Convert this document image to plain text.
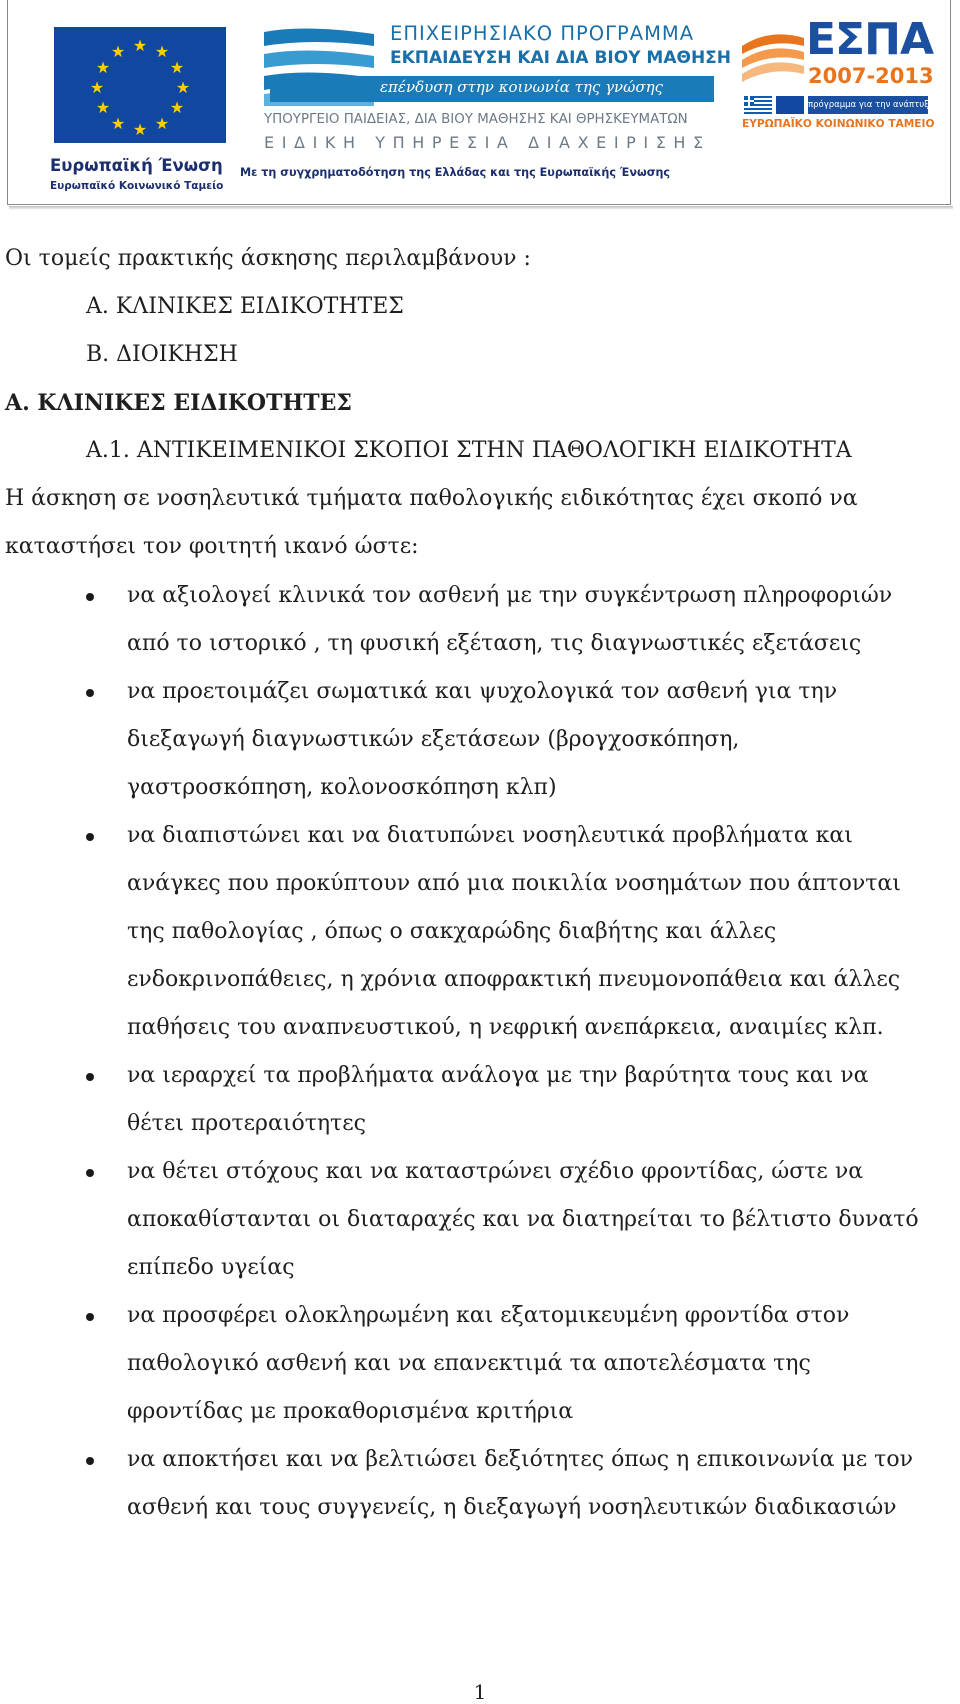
★ ★
★
★
★
★
★
★
★
★
★
★
Ευρωπαϊκή Ένωση
Ευρωπαϊκό Κοινωνικό Ταμείο
ΕΠΙΧΕΙΡΗΣΙΑΚΟ ΠΡΟΓΡΑΜΜΑ
ΕΚΠΑΙΔΕΥΣΗ ΚΑΙ ΔΙΑ ΒΙΟΥ ΜΑΘΗΣΗ
επένδυση στην κοινωνία της γνώσης
ΥΠΟΥΡΓΕΙΟ ΠΑΙΔΕΙΑΣ, ΔΙΑ ΒΙΟΥ ΜΑΘΗΣΗΣ ΚΑΙ ΘΡΗΣΚΕΥΜΑΤΩΝ
ΕΙΔΙΚΗ ΥΠΗΡΕΣΙΑ ΔΙΑΧΕΙΡΙΣΗΣ
Με τη συγχρηματοδότηση της Ελλάδας και της Ευρωπαϊκής Ένωσης
ΕΣΠΑ
2007-2013
πρόγραμμα για την ανάπτυξη
ΕΥΡΩΠΑΪΚΟ ΚΟΙΝΩΝΙΚΟ ΤΑΜΕΙΟ
Οι τομείς πρακτικής άσκησης περιλαμβάνουν :
Α. ΚΛΙΝΙΚΕΣ ΕΙΔΙΚΟΤΗΤΕΣ
Β. ΔΙΟΙΚΗΣΗ
Α. ΚΛΙΝΙΚΕΣ ΕΙΔΙΚΟΤΗΤΕΣ
Α.1. ΑΝΤΙΚΕΙΜΕΝΙΚΟΙ ΣΚΟΠΟΙ ΣΤΗΝ ΠΑΘΟΛΟΓΙΚΗ ΕΙΔΙΚΟΤΗΤΑ
Η άσκηση σε νοσηλευτικά τμήματα παθολογικής ειδικότητας έχει σκοπό να
καταστήσει τον φοιτητή ικανό ώστε:
να αξιολογεί κλινικά τον ασθενή με την συγκέντρωση πληροφοριών
από το ιστορικό , τη φυσική εξέταση, τις διαγνωστικές εξετάσεις
να προετοιμάζει σωματικά και ψυχολογικά τον ασθενή για την
διεξαγωγή διαγνωστικών εξετάσεων (βρογχοσκόπηση,
γαστροσκόπηση, κολονοσκόπηση κλπ)
να διαπιστώνει και να διατυπώνει νοσηλευτικά προβλήματα και
ανάγκες που προκύπτουν από μια ποικιλία νοσημάτων που άπτονται
της παθολογίας , όπως ο σακχαρώδης διαβήτης και άλλες
ενδοκρινοπάθειες, η χρόνια αποφρακτική πνευμονοπάθεια και άλλες
παθήσεις του αναπνευστικού, η νεφρική ανεπάρκεια, αναιμίες κλπ.
να ιεραρχεί τα προβλήματα ανάλογα με την βαρύτητα τους και να
θέτει προτεραιότητες
να θέτει στόχους και να καταστρώνει σχέδιο φροντίδας, ώστε να
αποκαθίστανται οι διαταραχές και να διατηρείται το βέλτιστο δυνατό
επίπεδο υγείας
να προσφέρει ολοκληρωμένη και εξατομικευμένη φροντίδα στον
παθολογικό ασθενή και να επανεκτιμά τα αποτελέσματα της
φροντίδας με προκαθορισμένα κριτήρια
να αποκτήσει και να βελτιώσει δεξιότητες όπως η επικοινωνία με τον
ασθενή και τους συγγενείς, η διεξαγωγή νοσηλευτικών διαδικασιών
1
